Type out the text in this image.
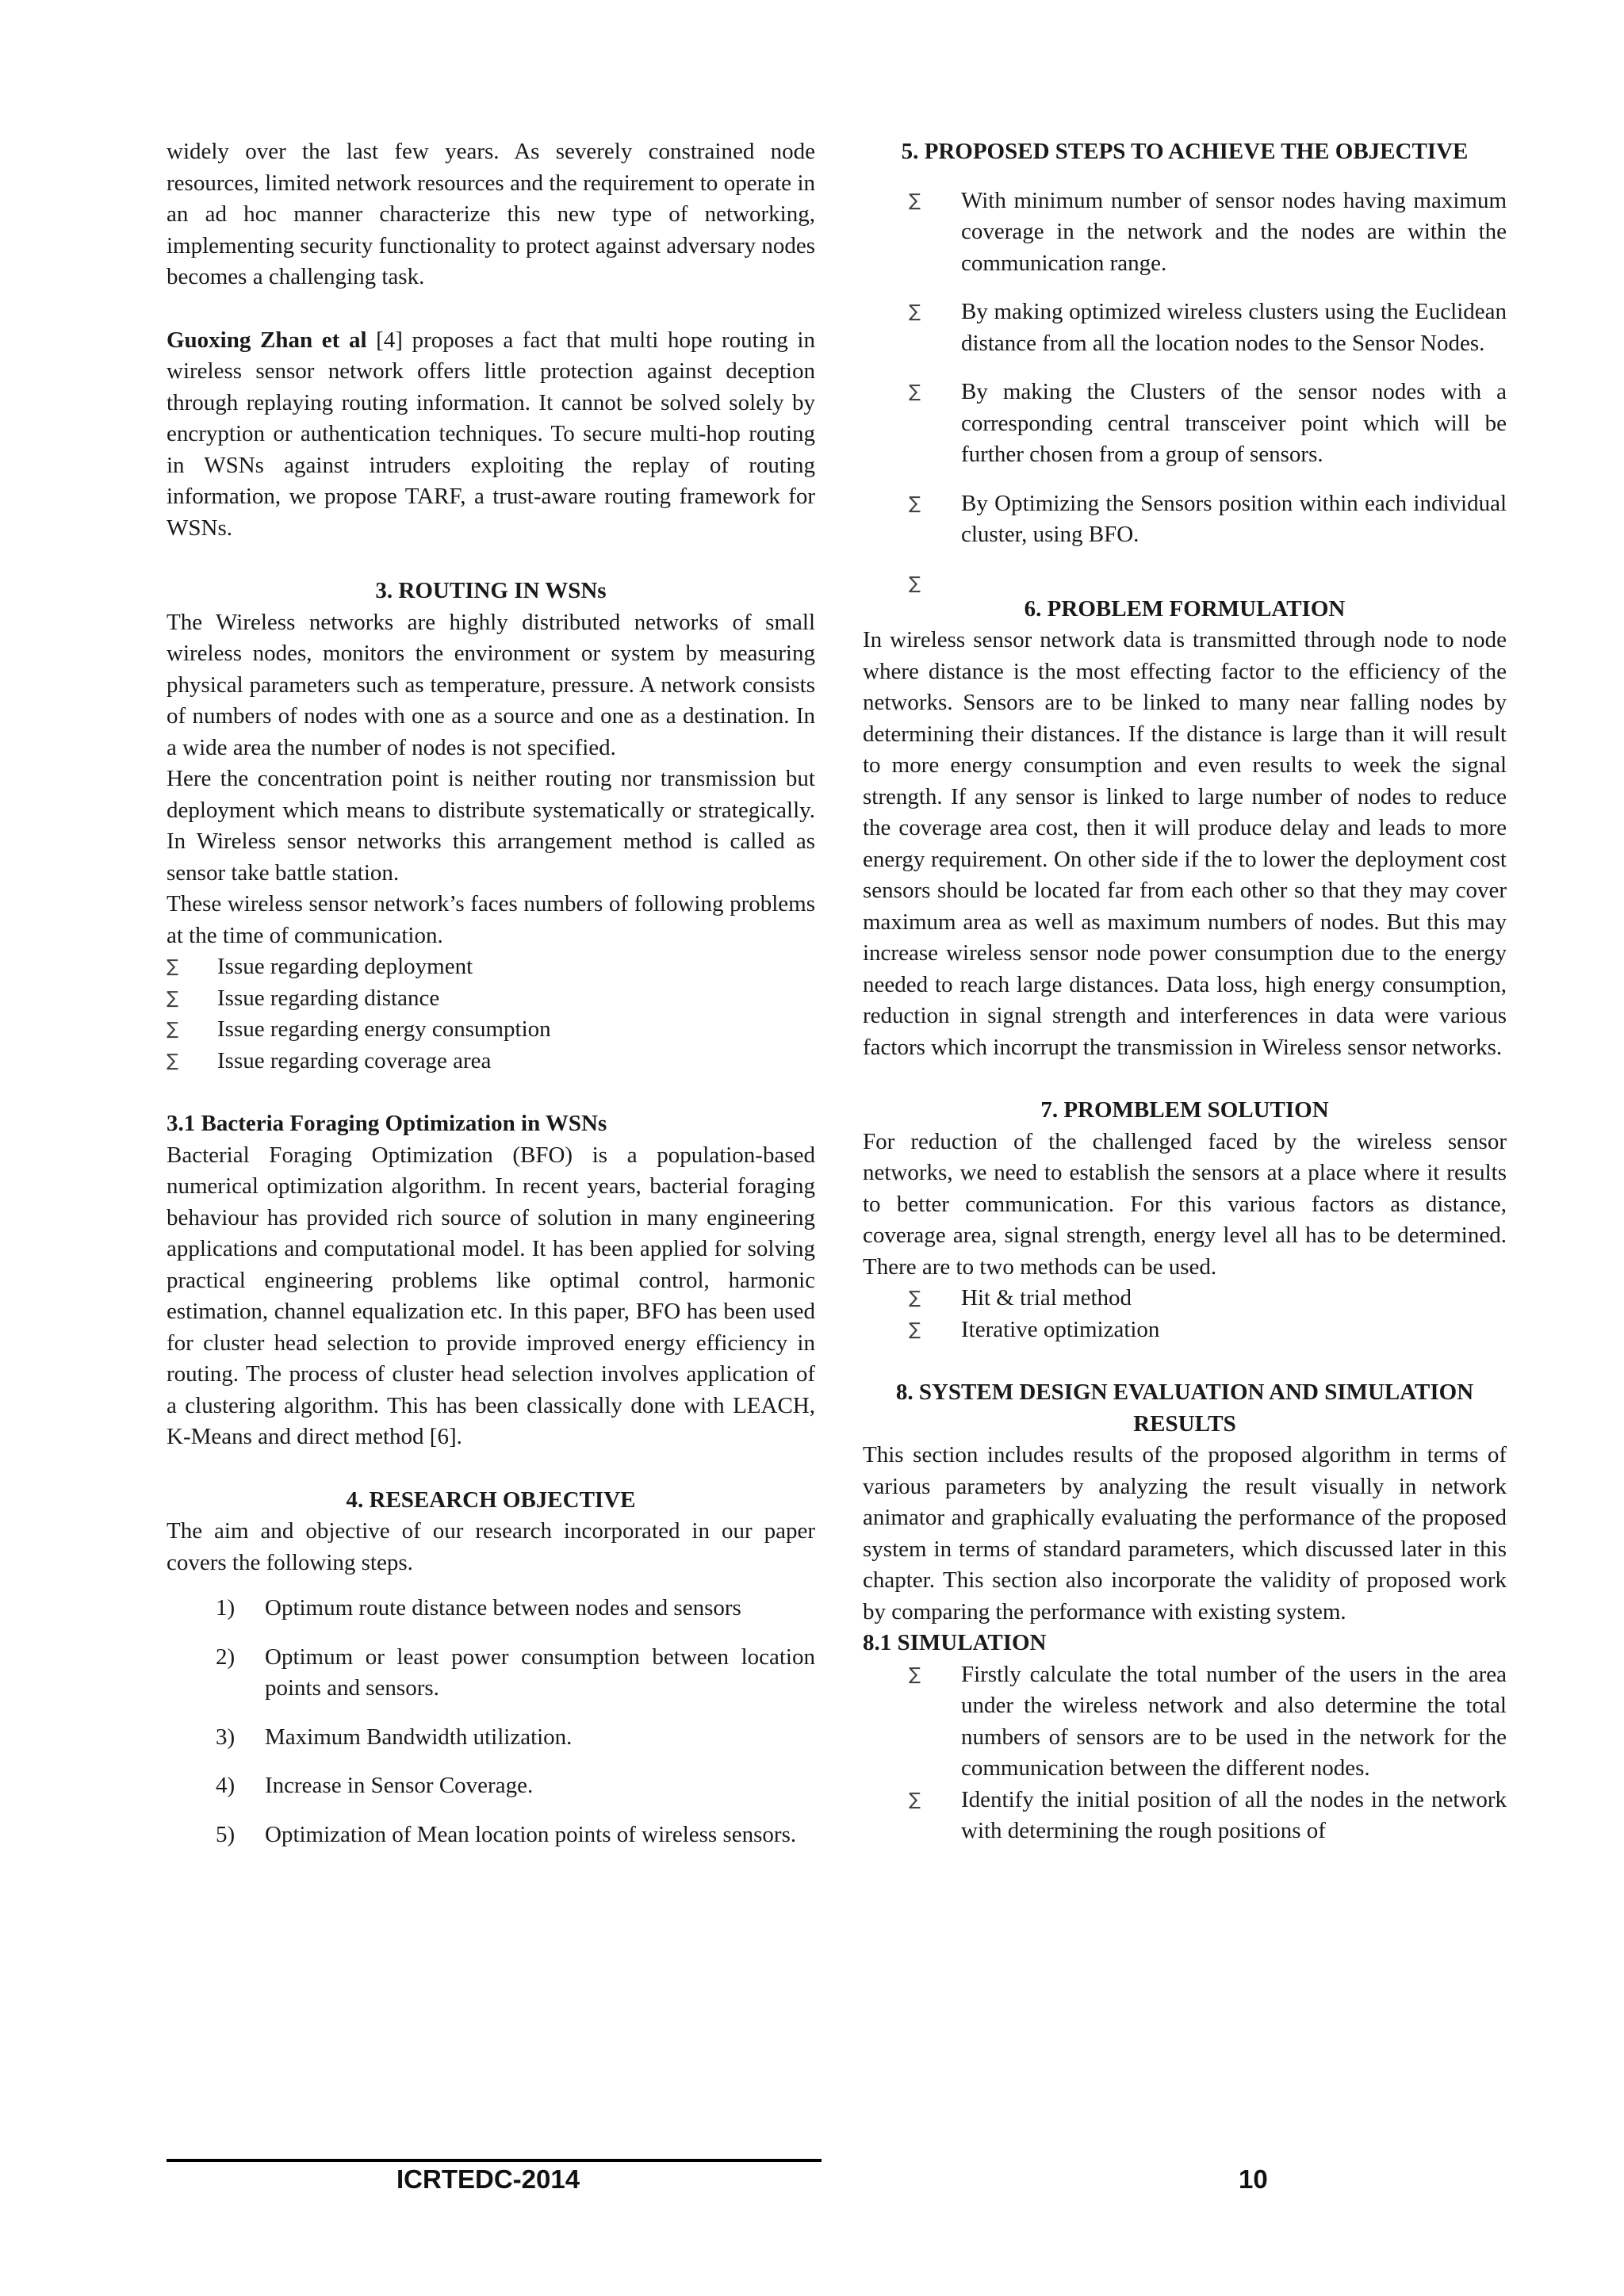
widely over the last few years. As severely constrained node resources, limited network resources and the requirement to operate in an ad hoc manner characterize this new type of networking, implementing security functionality to protect against adversary nodes becomes a challenging task.

Guoxing Zhan et al [4] proposes a fact that multi hope routing in wireless sensor network offers little protection against deception through replaying routing information. It cannot be solved solely by encryption or authentication techniques. To secure multi-hop routing in WSNs against intruders exploiting the replay of routing information, we propose TARF, a trust-aware routing framework for WSNs.

3. ROUTING IN WSNs

The Wireless networks are highly distributed networks of small wireless nodes, monitors the environment or system by measuring physical parameters such as temperature, pressure. A network consists of numbers of nodes with one as a source and one as a destination. In a wide area the number of nodes is not specified.

Here the concentration point is neither routing nor transmission but deployment which means to distribute systematically or strategically. In Wireless sensor networks this arrangement method is called as sensor take battle station.

These wireless sensor network’s faces numbers of following problems at the time of communication.

∑ Issue regarding deployment
∑ Issue regarding distance
∑ Issue regarding energy consumption
∑ Issue regarding coverage area
3.1 Bacteria Foraging Optimization in WSNs

Bacterial Foraging Optimization (BFO) is a population-based numerical optimization algorithm. In recent years, bacterial foraging behaviour has provided rich source of solution in many engineering applications and computational model. It has been applied for solving practical engineering problems like optimal control, harmonic estimation, channel equalization etc. In this paper, BFO has been used for cluster head selection to provide improved energy efficiency in routing. The process of cluster head selection involves application of a clustering algorithm. This has been classically done with LEACH, K-Means and direct method [6].

4. RESEARCH OBJECTIVE

The aim and objective of our research incorporated in our paper covers the following steps.

1) Optimum route distance between nodes and sensors
2) Optimum or least power consumption between location points and sensors.
3) Maximum Bandwidth utilization.
4) Increase in Sensor Coverage.
5) Optimization of Mean location points of wireless sensors.
5. PROPOSED STEPS TO ACHIEVE THE OBJECTIVE
∑ With minimum number of sensor nodes having maximum coverage in the network and the nodes are within the communication range.
∑ By making optimized wireless clusters using the Euclidean distance from all the location nodes to the Sensor Nodes.
∑ By making the Clusters of the sensor nodes with a corresponding central transceiver point which will be further chosen from a group of sensors.
∑ By Optimizing the Sensors position within each individual cluster, using BFO.
∑
6. PROBLEM FORMULATION

In wireless sensor network data is transmitted through node to node where distance is the most effecting factor to the efficiency of the networks. Sensors are to be linked to many near falling nodes by determining their distances. If the distance is large than it will result to more energy consumption and even results to week the signal strength. If any sensor is linked to large number of nodes to reduce the coverage area cost, then it will produce delay and leads to more energy requirement. On other side if the to lower the deployment cost sensors should be located far from each other so that they may cover maximum area as well as maximum numbers of nodes. But this may increase wireless sensor node power consumption due to the energy needed to reach large distances. Data loss, high energy consumption, reduction in signal strength and interferences in data were various factors which incorrupt the transmission in Wireless sensor networks.

7. PROMBLEM SOLUTION

For reduction of the challenged faced by the wireless sensor networks, we need to establish the sensors at a place where it results to better communication. For this various factors as distance, coverage area, signal strength, energy level all has to be determined. There are to two methods can be used.

∑ Hit & trial method
∑ Iterative optimization
8. SYSTEM DESIGN EVALUATION AND SIMULATION RESULTS

This section includes results of the proposed algorithm in terms of various parameters by analyzing the result visually in network animator and graphically evaluating the performance of the proposed system in terms of standard parameters, which discussed later in this chapter. This section also incorporate the validity of proposed work by comparing the performance with existing system.

8.1 SIMULATION
∑ Firstly calculate the total number of the users in the area under the wireless network and also determine the total numbers of sensors are to be used in the network for the communication between the different nodes.
∑ Identify the initial position of all the nodes in the network with determining the rough positions of
ICRTEDC-2014	10
